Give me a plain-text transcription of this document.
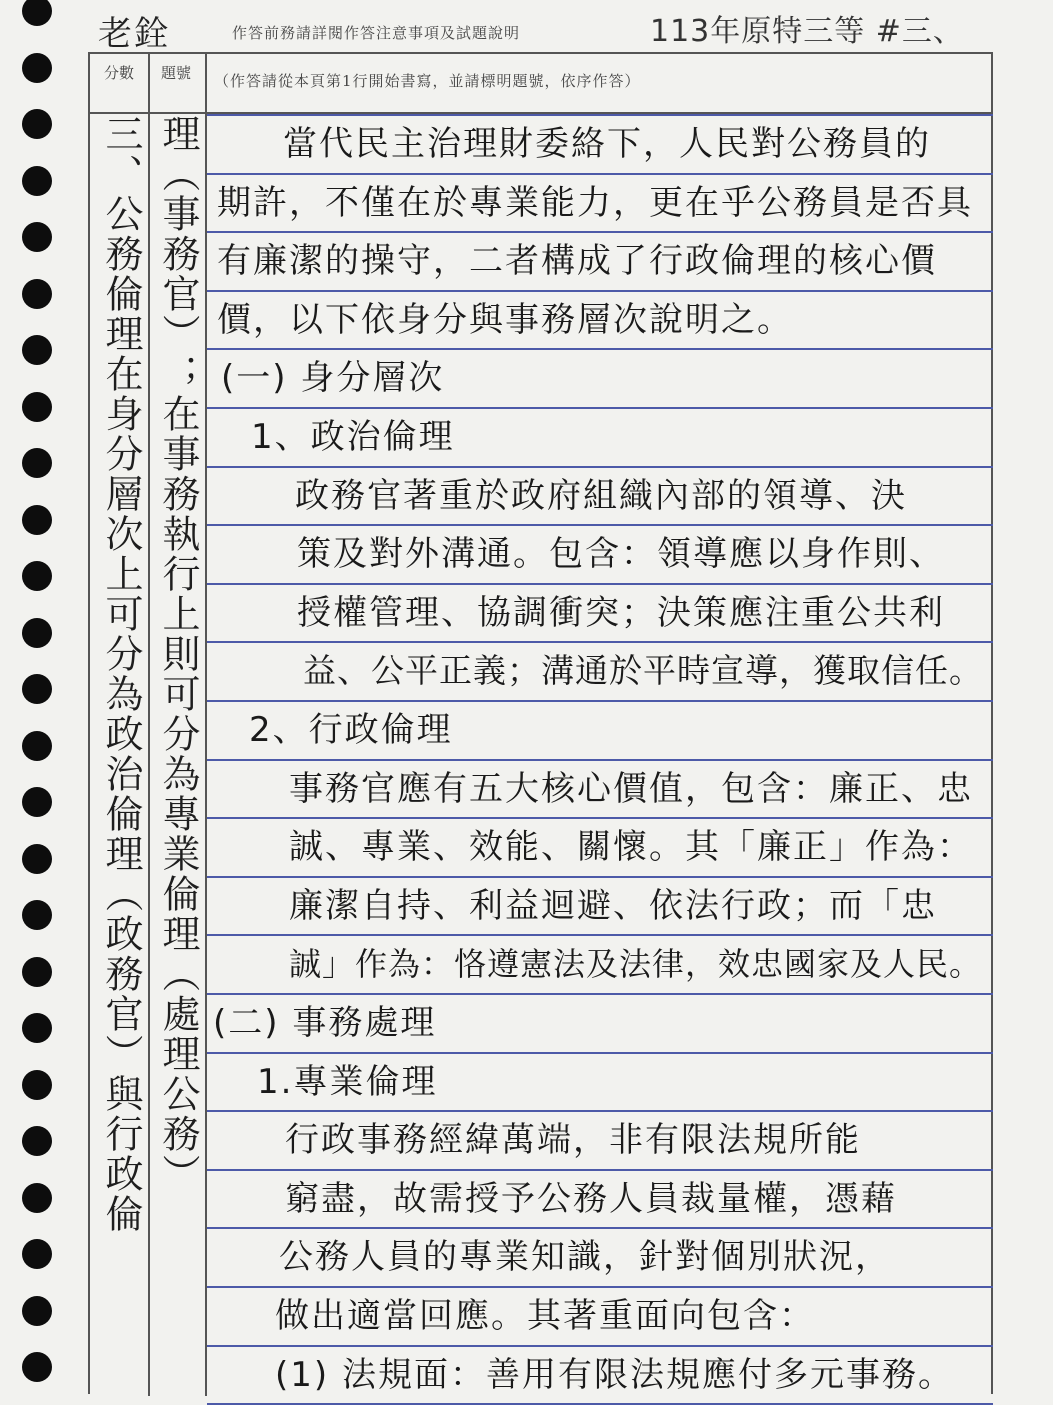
老銓	作答前務請詳閱作答注意事項及試題說明	113年原特三等 #三、
分數	題號	（作答請從本頁第1行開始書寫，並請標明題號，依序作答）
三、公務倫理在身分層次上可分為政治倫理（政務官）與行政倫 理（事務官）；在事務執行上則可分為專業倫理（處理公務） 當代民主治理財委絡下，人民對公務員的
期許，不僅在於專業能力，更在乎公務員是否具
有廉潔的操守，二者構成了行政倫理的核心價
價，以下依身分與事務層次說明之。
(一) 身分層次
1、政治倫理
政務官著重於政府組織內部的領導、決
策及對外溝通。包含：領導應以身作則、
授權管理、協調衝突；決策應注重公共利
益、公平正義；溝通於平時宣導，獲取信任。
2、行政倫理
事務官應有五大核心價值，包含：廉正、忠
誠、專業、效能、關懷。其「廉正」作為：
廉潔自持、利益迴避、依法行政；而「忠
誠」作為：恪遵憲法及法律，效忠國家及人民。
(二) 事務處理
1.專業倫理
行政事務經緯萬端，非有限法規所能
窮盡，故需授予公務人員裁量權，憑藉
公務人員的專業知識，針對個別狀況，
做出適當回應。其著重面向包含：
(1) 法規面：善用有限法規應付多元事務。
